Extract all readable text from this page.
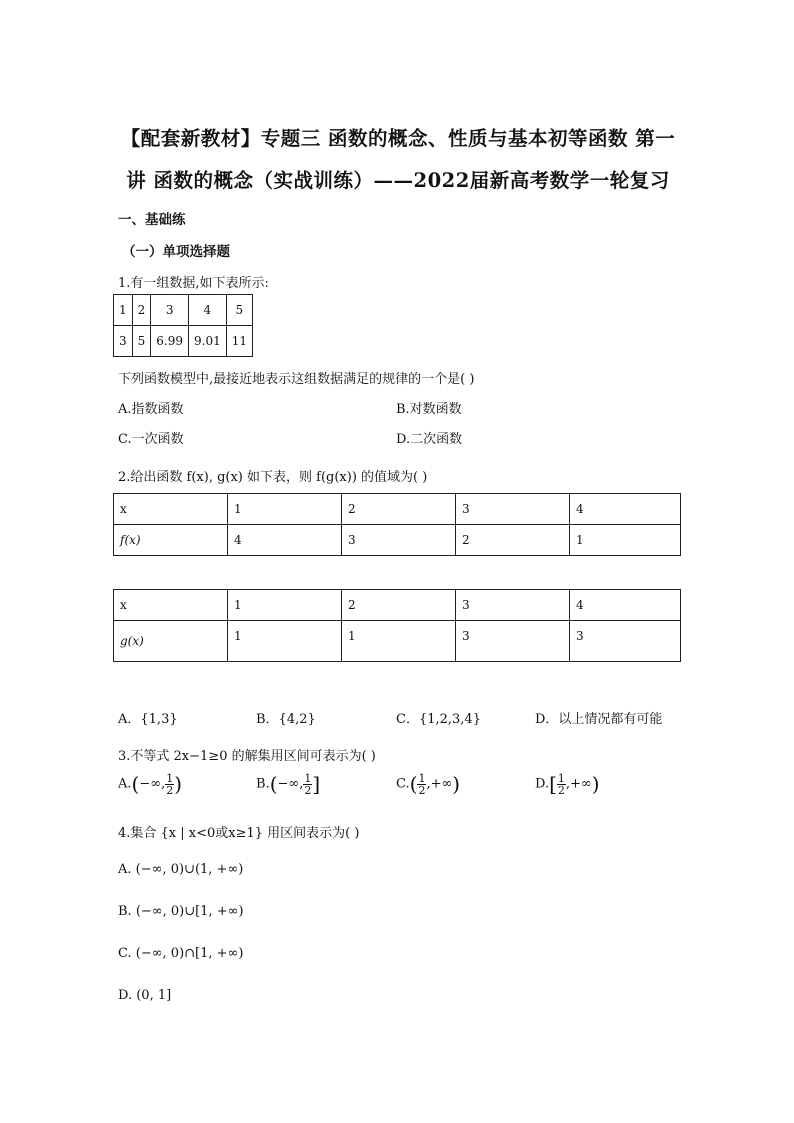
【配套新教材】专题三 函数的概念、性质与基本初等函数 第一讲 函数的概念（实战训练）——2022届新高考数学一轮复习
一、基础练
（一）单项选择题
1.有一组数据,如下表所示:
1	2	3	4	5
3	5	6.99	9.01	11
下列函数模型中,最接近地表示这组数据满足的规律的一个是( )
A.指数函数	B.对数函数
C.一次函数	D.二次函数
2.给出函数 f(x), g(x) 如下表，则 f(g(x)) 的值域为( )
x	1	2	3	4
f(x)	4	3	2	1
x	1	2	3	4
g(x)	1	1	3	3
A．{1,3}	B．{4,2}	C．{1,2,3,4}	D．以上情况都有可能
3.不等式 2x−1≥0 的解集用区间可表示为( )
A.(−∞, $\frac{1}{2}$ )	B.(−∞, $\frac{1}{2}$ ]	$C.( \frac{1}{2}$ ,+∞)	$D.[ \frac{1}{2}$ ,+∞)
4.集合 {x | x<0或x≥1} 用区间表示为( )
A. (−∞, 0)∪(1, +∞)
B. (−∞, 0)∪[1, +∞)
C. (−∞, 0)∩[1, +∞)
D. (0, 1]
